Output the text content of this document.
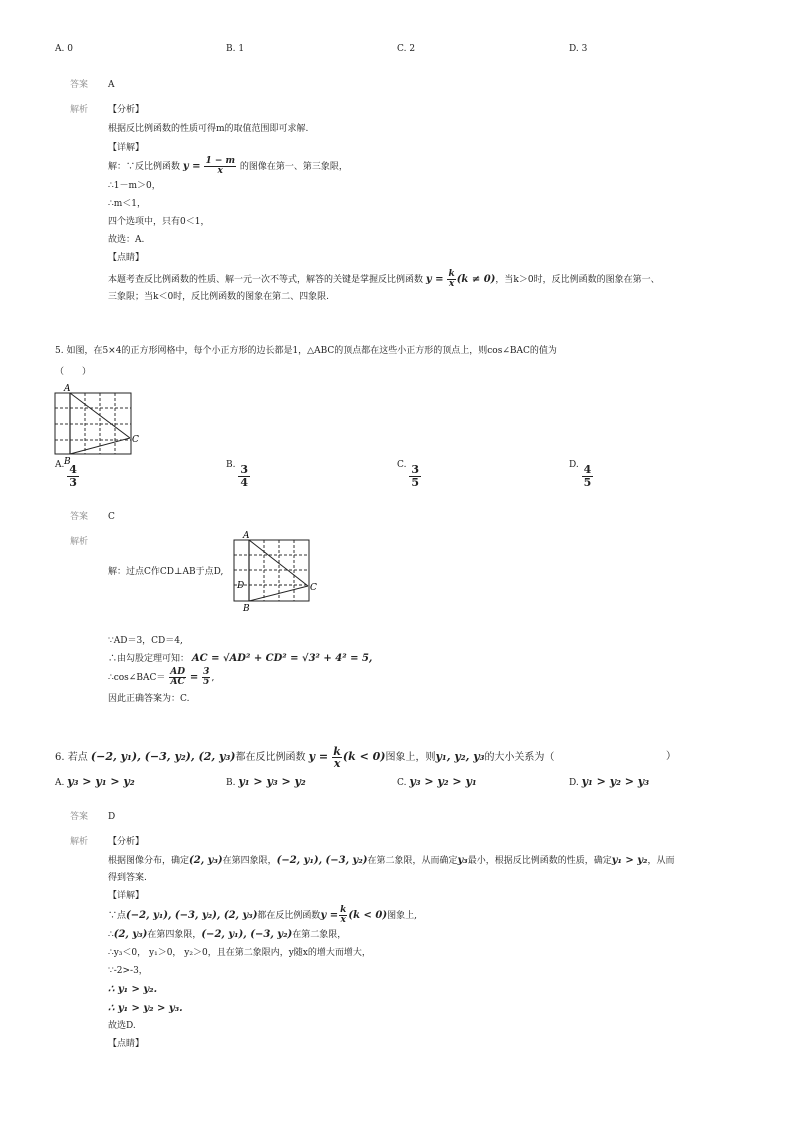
A. 0	B. 1	C. 2	D. 3
答案 A
解析 【分析】
根据反比例函数的性质可得m的取值范围即可求解.
【详解】
解：∵反比例函数 $y = \frac{1 - m}{x}$ 的图像在第一、第三象限，
∴1－m＞0，
∴m＜1，
四个选项中，只有0＜1，
故选：A.
【点睛】
本题考查反比例函数的性质、解一元一次不等式，解答的关键是掌握反比例函数 $y = \frac{k}{x} (k \ne 0)$，当k＞0时，反比例函数的图象在第一、
三象限；当k＜0时，反比例函数的图象在第二、四象限.
5. 如图，在5×4的正方形网格中，每个小正方形的边长都是1，△ABC的顶点都在这些小正方形的顶点上，则cos∠BAC的值为
（　　）
A
B
C
A. $\frac{4}{3}$	B. $\frac{3}{4}$	C. $\frac{3}{5}$	D. $\frac{4}{5}$
答案 C
解析
解：过点C作CD⊥AB于点D,
A
D
B
C
∵AD＝3，CD＝4,
∴由勾股定理可知： AC = √AD² + CD² = √3² + 4² = 5,
∴cos∠BAC＝ $\frac{AD}{AC} = \frac{3}{5}$ ,
因此正确答案为：C.
6. 若点 (−2, y₁), (−3, y₂), (2, y₃)都在反比例函数 $y = \frac{k}{x} (k < 0)$图象上，则y₁, y₂, y₃的大小关系为（	）
A. y₃ > y₁ > y₂	B. y₁ > y₃ > y₂	C. y₃ > y₂ > y₁	D. y₁ > y₂ > y₃
答案 D
解析 【分析】
根据图像分布，确定(2, y₃)在第四象限，(−2, y₁), (−3, y₂)在第二象限，从而确定y₃最小，根据反比例函数的性质，确定y₁ > y₂，从而
得到答案.
【详解】
∵点(−2, y₁), (−3, y₂), (2, y₃)都在反比例函数$y = \frac{k}{x} (k < 0)$图象上,
∴(2, y₃)在第四象限，(−2, y₁), (−3, y₂)在第二象限，
∴y₃＜0， y₁＞0， y₂＞0，且在第二象限内，y随x的增大而增大，
∵-2>-3，
∴ y₁ > y₂.
∴ y₁ > y₂ > y₃.
故选D.
【点睛】
